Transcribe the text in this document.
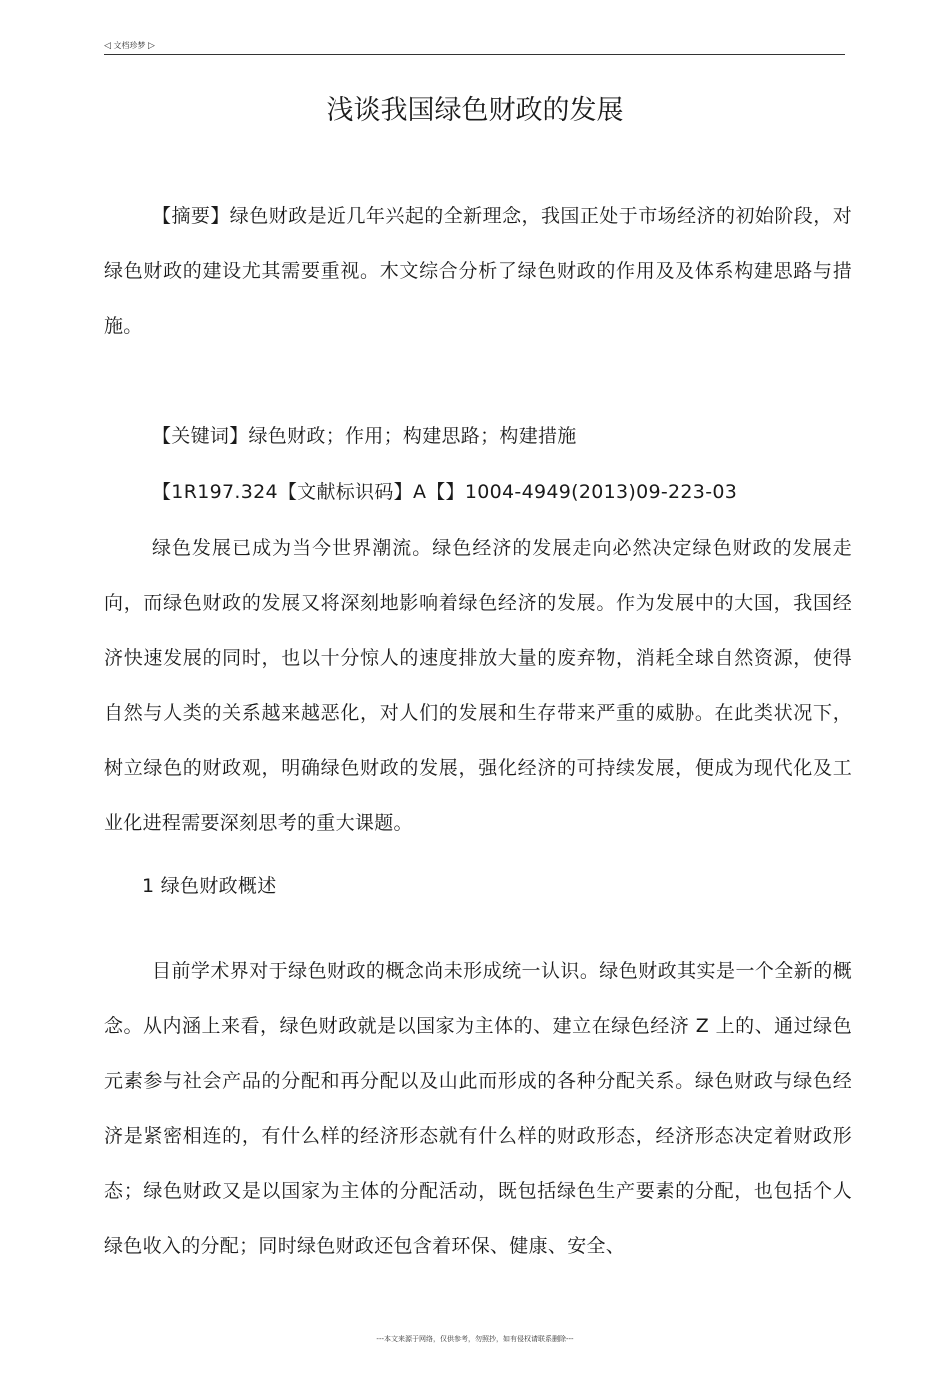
◁ 文档珍梦 ▷
浅谈我国绿色财政的发展

【摘要】绿色财政是近几年兴起的全新理念，我国正处于市场经济的初始阶段，对绿色财政的建设尤其需要重视。木文综合分析了绿色财政的作用及及体系构建思路与措施。

【关键词】绿色财政；作用；构建思路；构建措施

【1R197.324【文献标识码】A【】1004-4949(2013)09-223-03

绿色发展已成为当今世界潮流。绿色经济的发展走向必然决定绿色财政的发展走向，而绿色财政的发展又将深刻地影响着绿色经济的发展。作为发展中的大国，我国经济快速发展的同时，也以十分惊人的速度排放大量的废弃物，消耗全球自然资源，使得自然与人类的关系越来越恶化，对人们的发展和生存带来严重的威胁。在此类状况下，树立绿色的财政观，明确绿色财政的发展，强化经济的可持续发展，便成为现代化及工业化进程需要深刻思考的重大课题。

1 绿色财政概述

目前学术界对于绿色财政的概念尚未形成统一认识。绿色财政其实是一个全新的概念。从内涵上来看，绿色财政就是以国家为主体的、建立在绿色经济 Z 上的、通过绿色元素参与社会产品的分配和再分配以及山此而形成的各种分配关系。绿色财政与绿色经济是紧密相连的，有什么样的经济形态就有什么样的财政形态，经济形态决定着财政形态；绿色财政又是以国家为主体的分配活动，既包括绿色生产要素的分配，也包括个人绿色收入的分配；同时绿色财政还包含着环保、健康、安全、

---本文来源于网络，仅供参考，勿照抄，如有侵权请联系删除---
